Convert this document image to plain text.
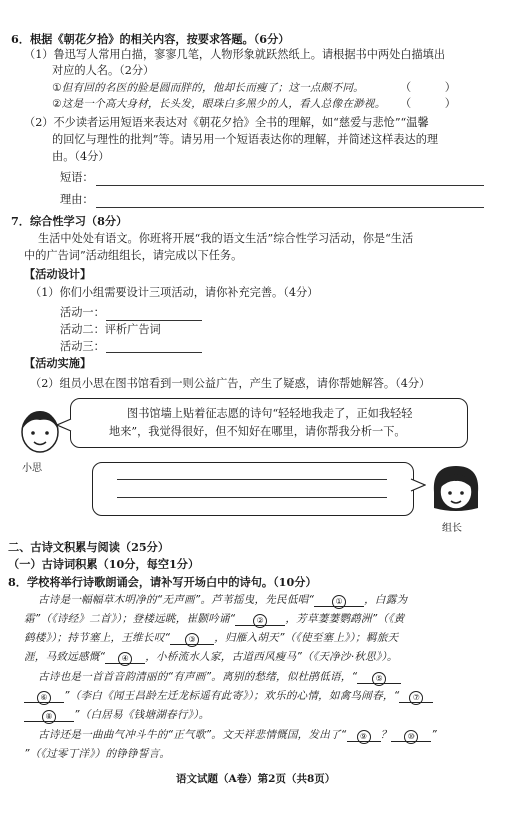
6．根据《朝花夕拾》的相关内容，按要求答题。（6分）
（1）鲁迅写人常用白描，寥寥几笔，人物形象就跃然纸上。请根据书中两处白描填出
对应的人名。（2分）
①但有回的名医的脸是圆而胖的，他却长而瘦了；这一点颇不同。	（　　　）
②这是一个高大身材，长头发，眼珠白多黑少的人，看人总像在渺视。 （　　　）
（2）不少读者运用短语来表达对《朝花夕拾》全书的理解，如“慈爱与悲怆”“温馨
的回忆与理性的批判”等。请另用一个短语表达你的理解，并简述这样表达的理
由。（4分）
短语：
理由：
7．综合性学习（8分）
生活中处处有语文。你班将开展“我的语文生活”综合性学习活动，你是“生活
中的广告词”活动组组长，请完成以下任务。
【活动设计】
（1）你们小组需要设计三项活动，请你补充完善。（4分）
活动一：
活动二：评析广告词
活动三：
【活动实施】
（2）组员小思在图书馆看到一则公益广告，产生了疑惑，请你帮她解答。（4分）
小思
图书馆墙上贴着征志愿的诗句“轻轻地我走了，正如我轻轻
地来”，我觉得很好，但不知好在哪里，请你帮我分析一下。
组长
二、古诗文积累与阅读（25分）
（一）古诗词积累（10分，每空1分）
8．学校将举行诗歌朗诵会，请补写开场白中的诗句。（10分）
古诗是一幅幅草木明净的“无声画”。芦苇摇曳，先民低唱“	① ，白露为
霜”（《诗经》二首》）；登楼远眺，崔颢吟诵“	② ，芳草萋萋鹦鹉洲”（《黄
鹤楼》）；持节塞上，王维长叹“ ③ ，归雁入胡天”（《使至塞上》）；羁旅天
涯，马致远感慨“ ④ ，小桥流水人家，古道西风瘦马”（《天净沙·秋思》）。
古诗也是一首首音韵清丽的“有声画”。离别的愁绪，似杜鹃低语，“ ⑤
⑥ ”（李白《闻王昌龄左迁龙标遥有此寄》）；欢乐的心情，如禽鸟闹春，“ ⑦
⑧ ”（白居易《钱塘湖春行》）。
古诗还是一曲曲气冲斗牛的“正气歌”。文天祥悲情慨国，发出了“ ⑨ ？ ⑩ ”
”（《过零丁洋》）的铮铮誓言。
语文试题（A卷）第2页（共8页）
